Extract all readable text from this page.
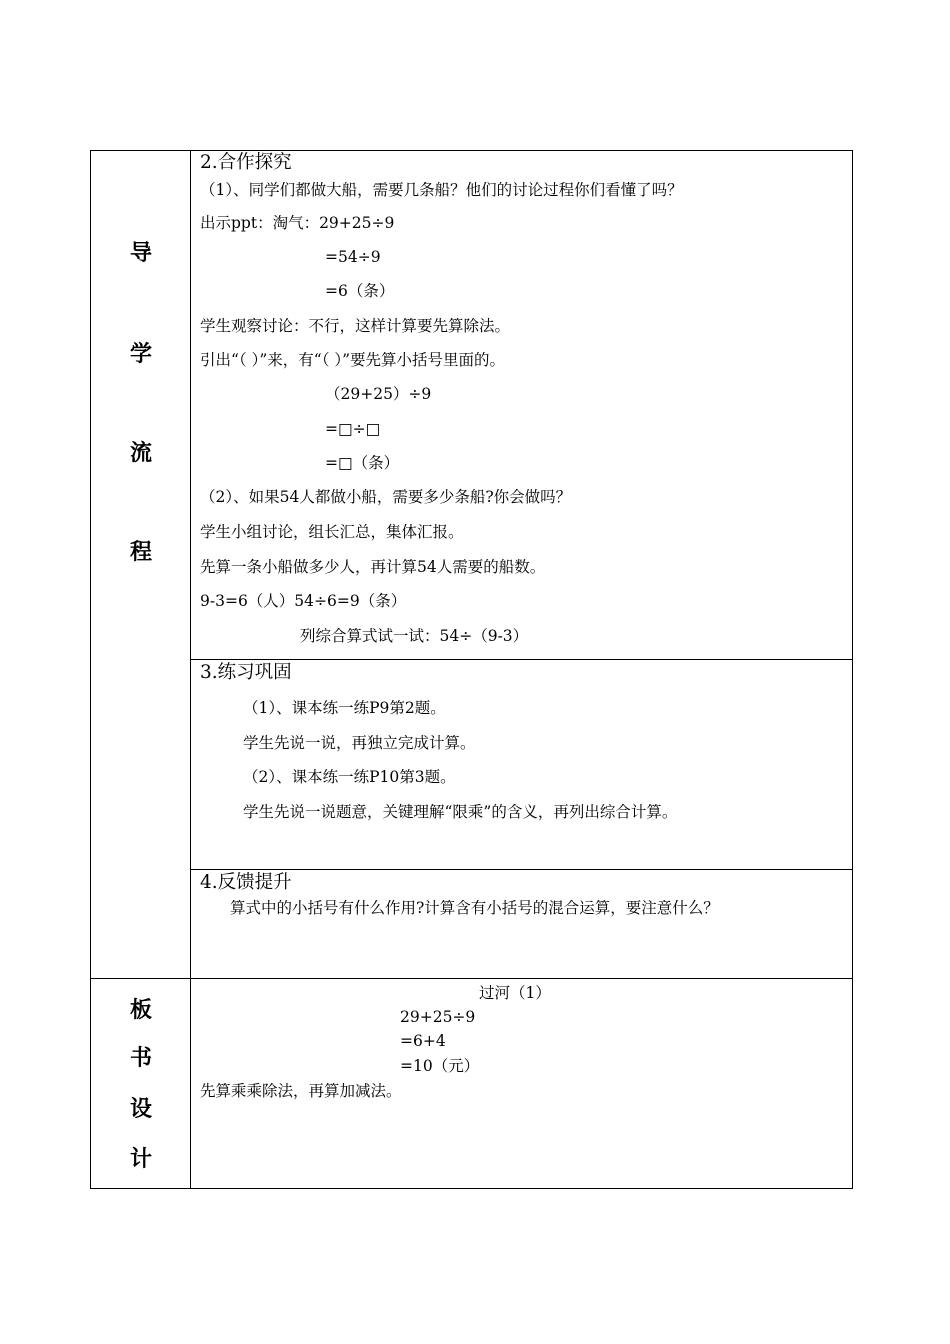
导
学
流
程
板
书
设
计
2.合作探究
（1）、同学们都做大船，需要几条船？他们的讨论过程你们看懂了吗？
出示ppt：淘气：29+25÷9
=54÷9
=6（条）
学生观察讨论：不行，这样计算要先算除法。
引出“（ ）”来，有“（ ）”要先算小括号里面的。
（29+25）÷9
=□÷□
=□（条）
（2）、如果54人都做小船，需要多少条船?你会做吗？
学生小组讨论，组长汇总，集体汇报。
先算一条小船做多少人，再计算54人需要的船数。
9-3=6（人）54÷6=9（条）
列综合算式试一试：54÷（9-3）
3.练习巩固
（1）、课本练一练P9第2题。
学生先说一说，再独立完成计算。
（2）、课本练一练P10第3题。
学生先说一说题意，关键理解“限乘”的含义，再列出综合计算。
4.反馈提升
算式中的小括号有什么作用?计算含有小括号的混合运算，要注意什么？
过河（1）
29+25÷9
=6+4
=10（元）
先算乘乘除法，再算加减法。
